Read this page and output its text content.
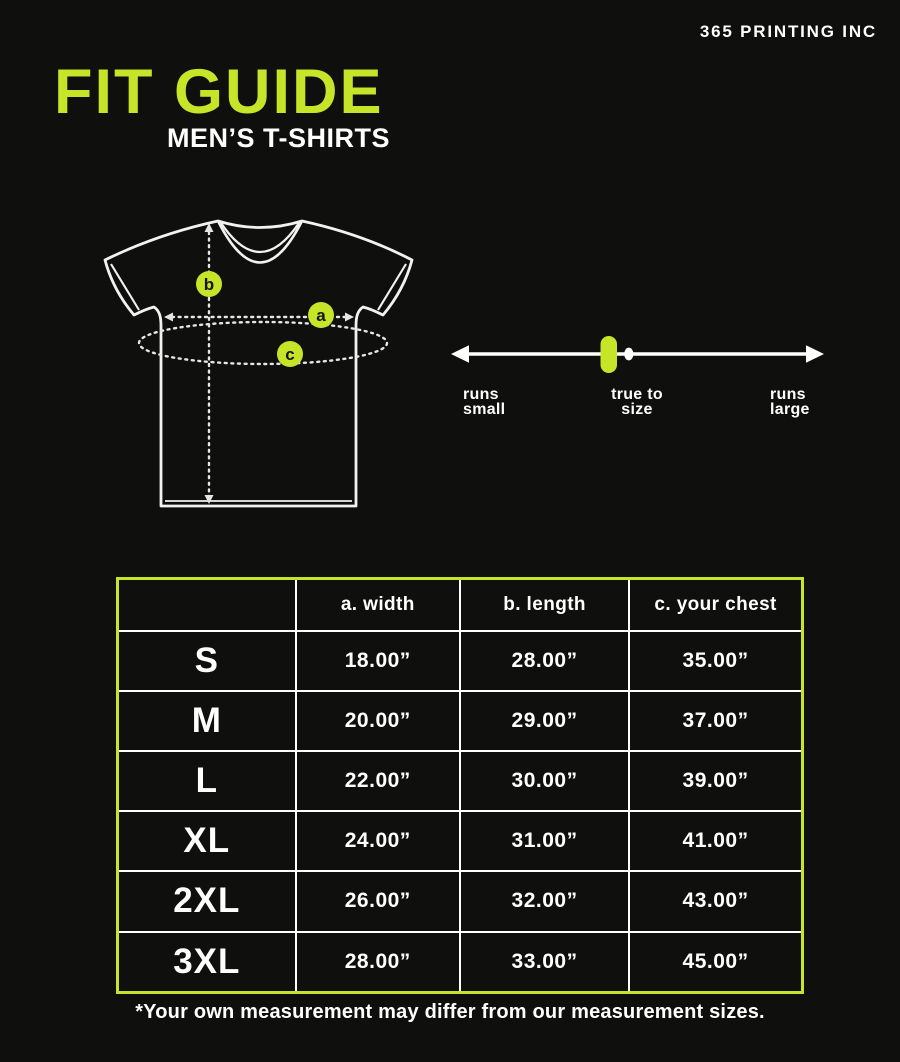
365 PRINTING INC
FIT GUIDE
MEN’S T-SHIRTS
b
a
c
runs small
true to size
runs large
	a. width	b. length	c. your chest
S	18.00”	28.00”	35.00”
M	20.00”	29.00”	37.00”
L	22.00”	30.00”	39.00”
XL	24.00”	31.00”	41.00”
2XL	26.00”	32.00”	43.00”
3XL	28.00”	33.00”	45.00”
*Your own measurement may differ from our measurement sizes.
